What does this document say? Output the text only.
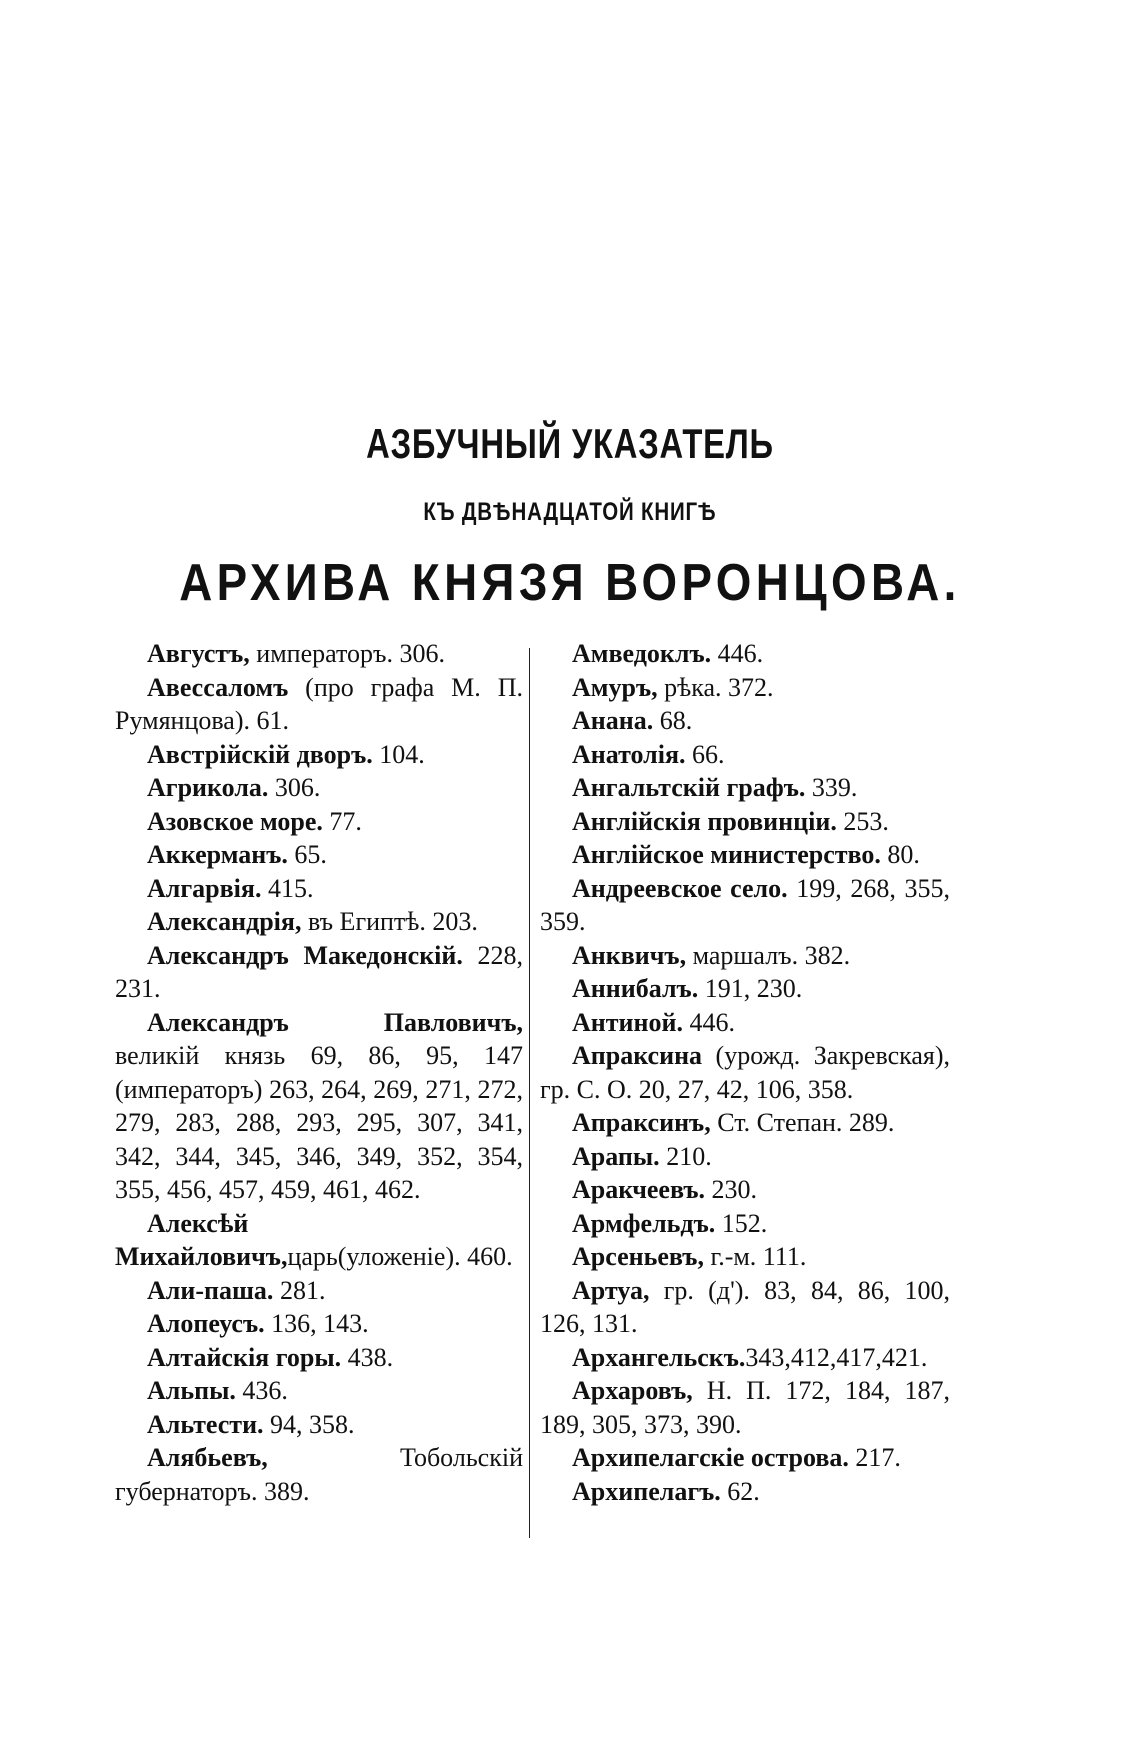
АЗБУЧНЫЙ УКАЗАТЕЛЬ
КЪ ДВѢНАДЦАТОЙ КНИГѢ
АРХИВА КНЯЗЯ ВОРОНЦОВА.

Августъ, императоръ. 306.

Авессаломъ (про графа М. П. Румянцова). 61.

Австрійскій дворъ. 104.

Агрикола. 306.

Азовское море. 77.

Аккерманъ. 65.

Алгарвія. 415.

Александрія, въ Египтѣ. 203.

Александръ Македонскій. 228, 231.

Александръ Павловичъ, великій князь 69, 86, 95, 147 (императоръ) 263, 264, 269, 271, 272, 279, 283, 288, 293, 295, 307, 341, 342, 344, 345, 346, 349, 352, 354, 355, 456, 457, 459, 461, 462.

Алексѣй Михайловичъ,царь(уложеніе). 460.

Али-паша. 281.

Алопеусъ. 136, 143.

Алтайскія горы. 438.

Альпы. 436.

Альтести. 94, 358.

Алябьевъ, Тобольскій губернаторъ. 389.

Амведоклъ. 446.

Амуръ, рѣка. 372.

Анана. 68.

Анатолія. 66.

Ангальтскій графъ. 339.

Англійскія провинціи. 253.

Англійское министерство. 80.

Андреевское село. 199, 268, 355, 359.

Анквичъ, маршалъ. 382.

Аннибалъ. 191, 230.

Антиной. 446.

Апраксина (урожд. Закревская), гр. С. О. 20, 27, 42, 106, 358.

Апраксинъ, Ст. Степан. 289.

Арапы. 210.

Аракчеевъ. 230.

Армфельдъ. 152.

Арсеньевъ, г.-м. 111.

Артуа, гр. (д'). 83, 84, 86, 100, 126, 131.

Архангельскъ.343,412,417,421.

Архаровъ, Н. П. 172, 184, 187, 189, 305, 373, 390.

Архипелагскіе острова. 217.

Архипелагъ. 62.
